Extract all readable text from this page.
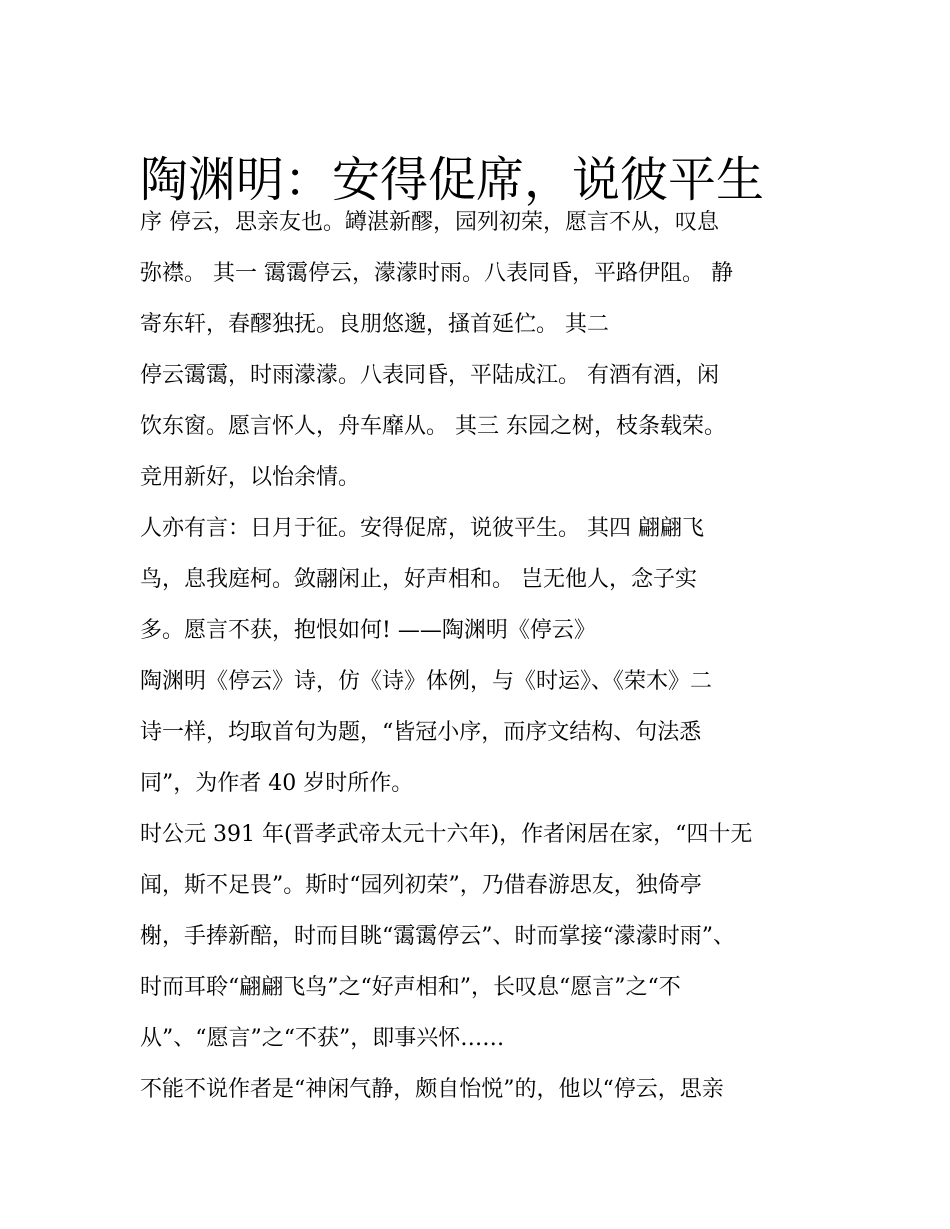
陶渊明：安得促席，说彼平生
序 停云，思亲友也。罇湛新醪，园列初荣，愿言不从，叹息
弥襟。 其一 霭霭停云，濛濛时雨。八表同昏，平路伊阻。 静
寄东轩，春醪独抚。良朋悠邈，搔首延伫。 其二
停云霭霭，时雨濛濛。八表同昏，平陆成江。 有酒有酒，闲
饮东窗。愿言怀人，舟车靡从。 其三 东园之树，枝条载荣。
竞用新好，以怡余情。
人亦有言：日月于征。安得促席，说彼平生。 其四 翩翩飞
鸟，息我庭柯。敛翮闲止，好声相和。 岂无他人，念子实
多。愿言不获，抱恨如何! ——陶渊明《停云》
陶渊明《停云》诗，仿《诗》体例，与《时运》、《荣木》二
诗一样，均取首句为题，“皆冠小序，而序文结构、句法悉
同”，为作者 40 岁时所作。
时公元 391 年(晋孝武帝太元十六年)，作者闲居在家，“四十无
闻，斯不足畏”。斯时“园列初荣”，乃借春游思友，独倚亭
榭，手捧新醅，时而目眺“霭霭停云”、时而掌接“濛濛时雨”、
时而耳聆“翩翩飞鸟”之“好声相和”，长叹息“愿言”之“不
从”、“愿言”之“不获”，即事兴怀……
不能不说作者是“神闲气静，颇自怡悦”的，他以“停云，思亲
